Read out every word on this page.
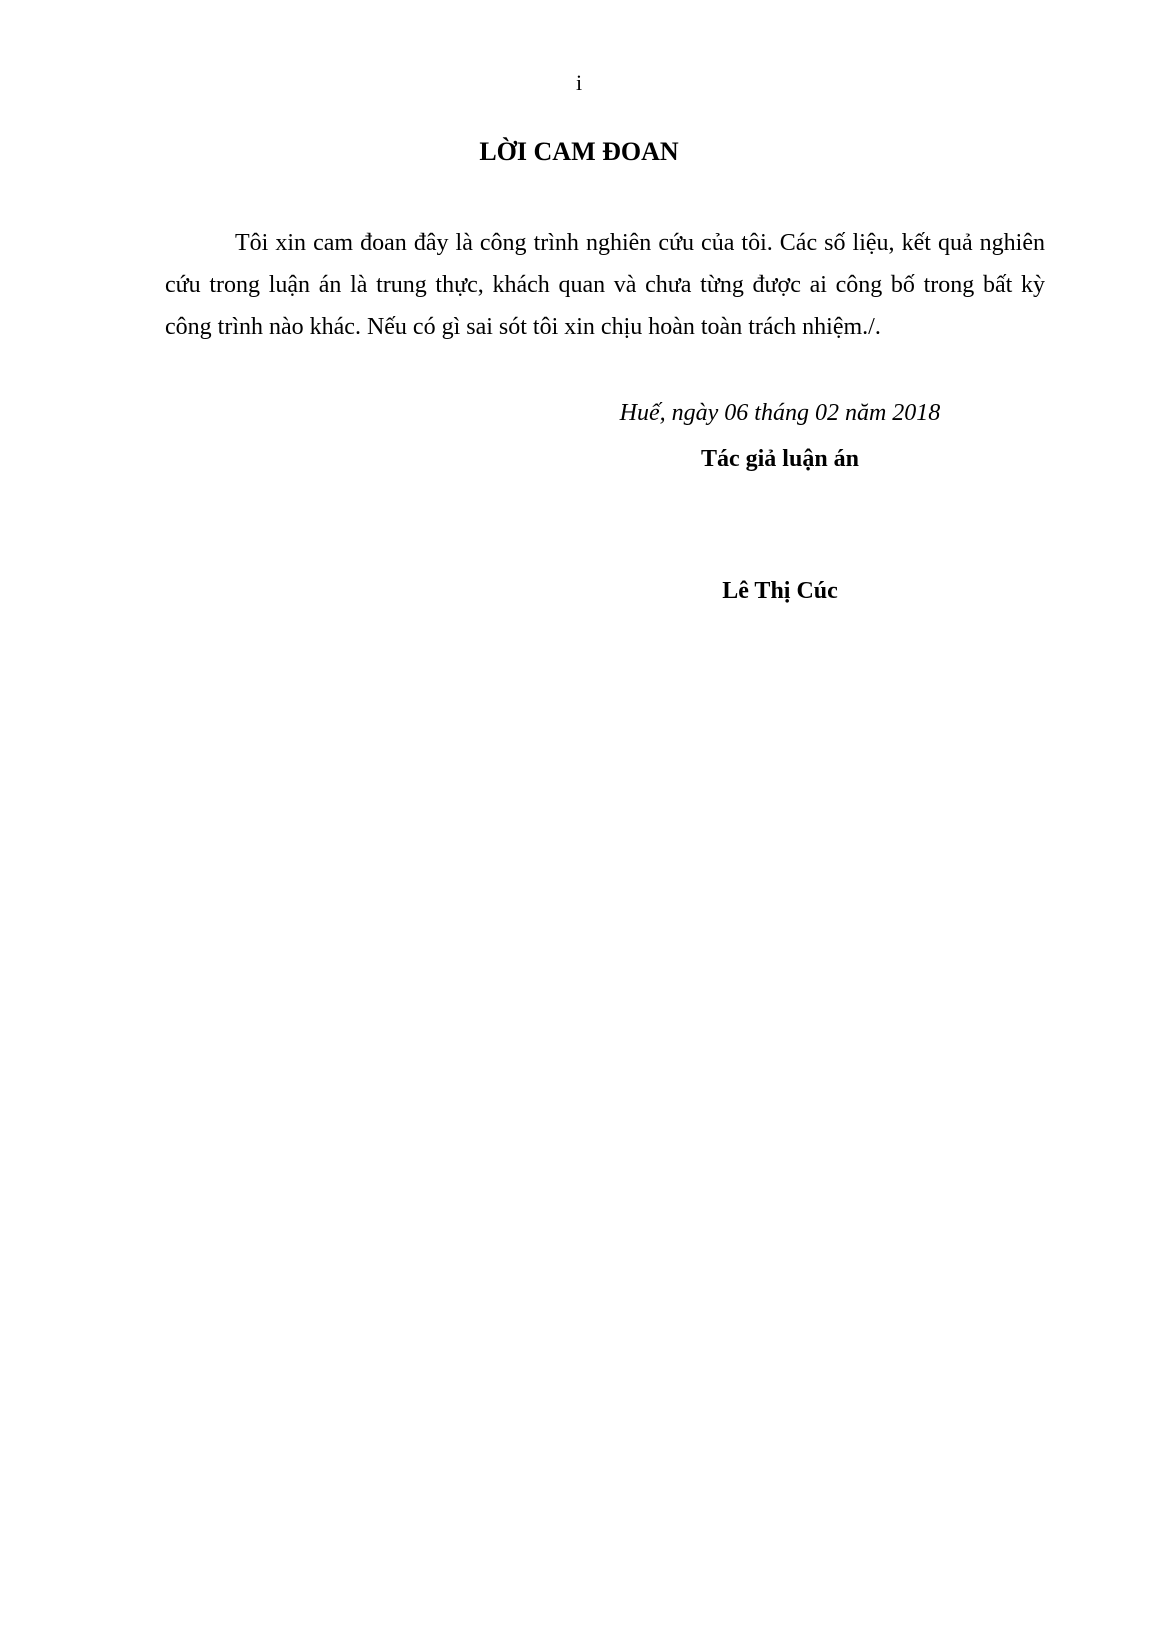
i
LỜI CAM ĐOAN

Tôi xin cam đoan đây là công trình nghiên cứu của tôi. Các số liệu, kết quả nghiên cứu trong luận án là trung thực, khách quan và chưa từng được ai công bố trong bất kỳ công trình nào khác. Nếu có gì sai sót tôi xin chịu hoàn toàn trách nhiệm./.

Huế, ngày 06 tháng 02 năm 2018

Tác giả luận án

Lê Thị Cúc
